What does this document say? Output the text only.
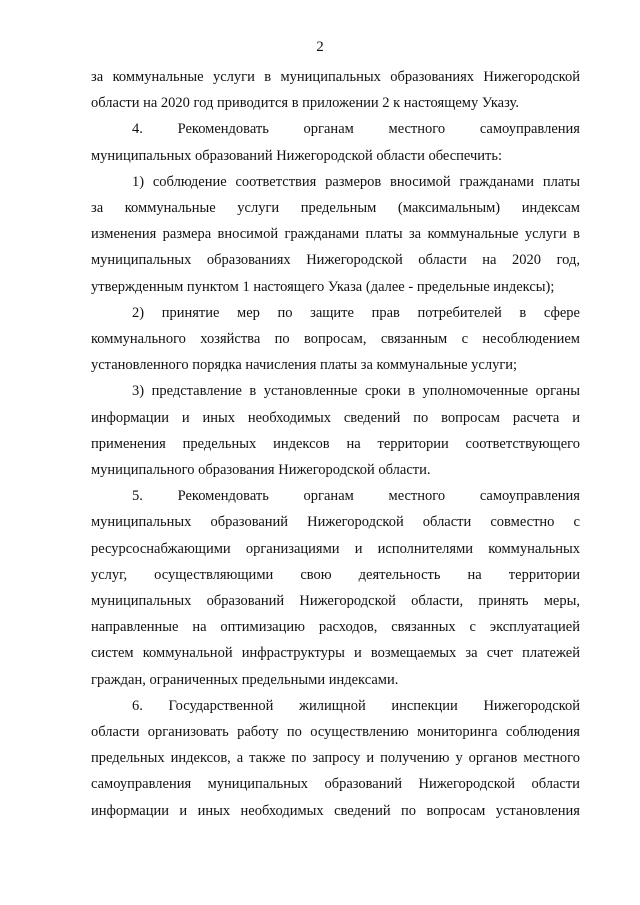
2
за коммунальные услуги в муниципальных образованиях Нижегородской
области на 2020 год приводится в приложении 2 к настоящему Указу.
4. Рекомендовать органам местного самоуправления
муниципальных образований Нижегородской области обеспечить:
1) соблюдение соответствия размеров вносимой гражданами платы
за коммунальные услуги предельным (максимальным) индексам
изменения размера вносимой гражданами платы за коммунальные услуги в
муниципальных образованиях Нижегородской области на 2020 год,
утвержденным пунктом 1 настоящего Указа (далее - предельные индексы);
2) принятие мер по защите прав потребителей в сфере
коммунального хозяйства по вопросам, связанным с несоблюдением
установленного порядка начисления платы за коммунальные услуги;
3) представление в установленные сроки в уполномоченные органы
информации и иных необходимых сведений по вопросам расчета и
применения предельных индексов на территории соответствующего
муниципального образования Нижегородской области.
5. Рекомендовать органам местного самоуправления
муниципальных образований Нижегородской области совместно с
ресурсоснабжающими организациями и исполнителями коммунальных
услуг, осуществляющими свою деятельность на территории
муниципальных образований Нижегородской области, принять меры,
направленные на оптимизацию расходов, связанных с эксплуатацией
систем коммунальной инфраструктуры и возмещаемых за счет платежей
граждан, ограниченных предельными индексами.
6. Государственной жилищной инспекции Нижегородской
области организовать работу по осуществлению мониторинга соблюдения
предельных индексов, а также по запросу и получению у органов местного
самоуправления муниципальных образований Нижегородской области
информации и иных необходимых сведений по вопросам установления
